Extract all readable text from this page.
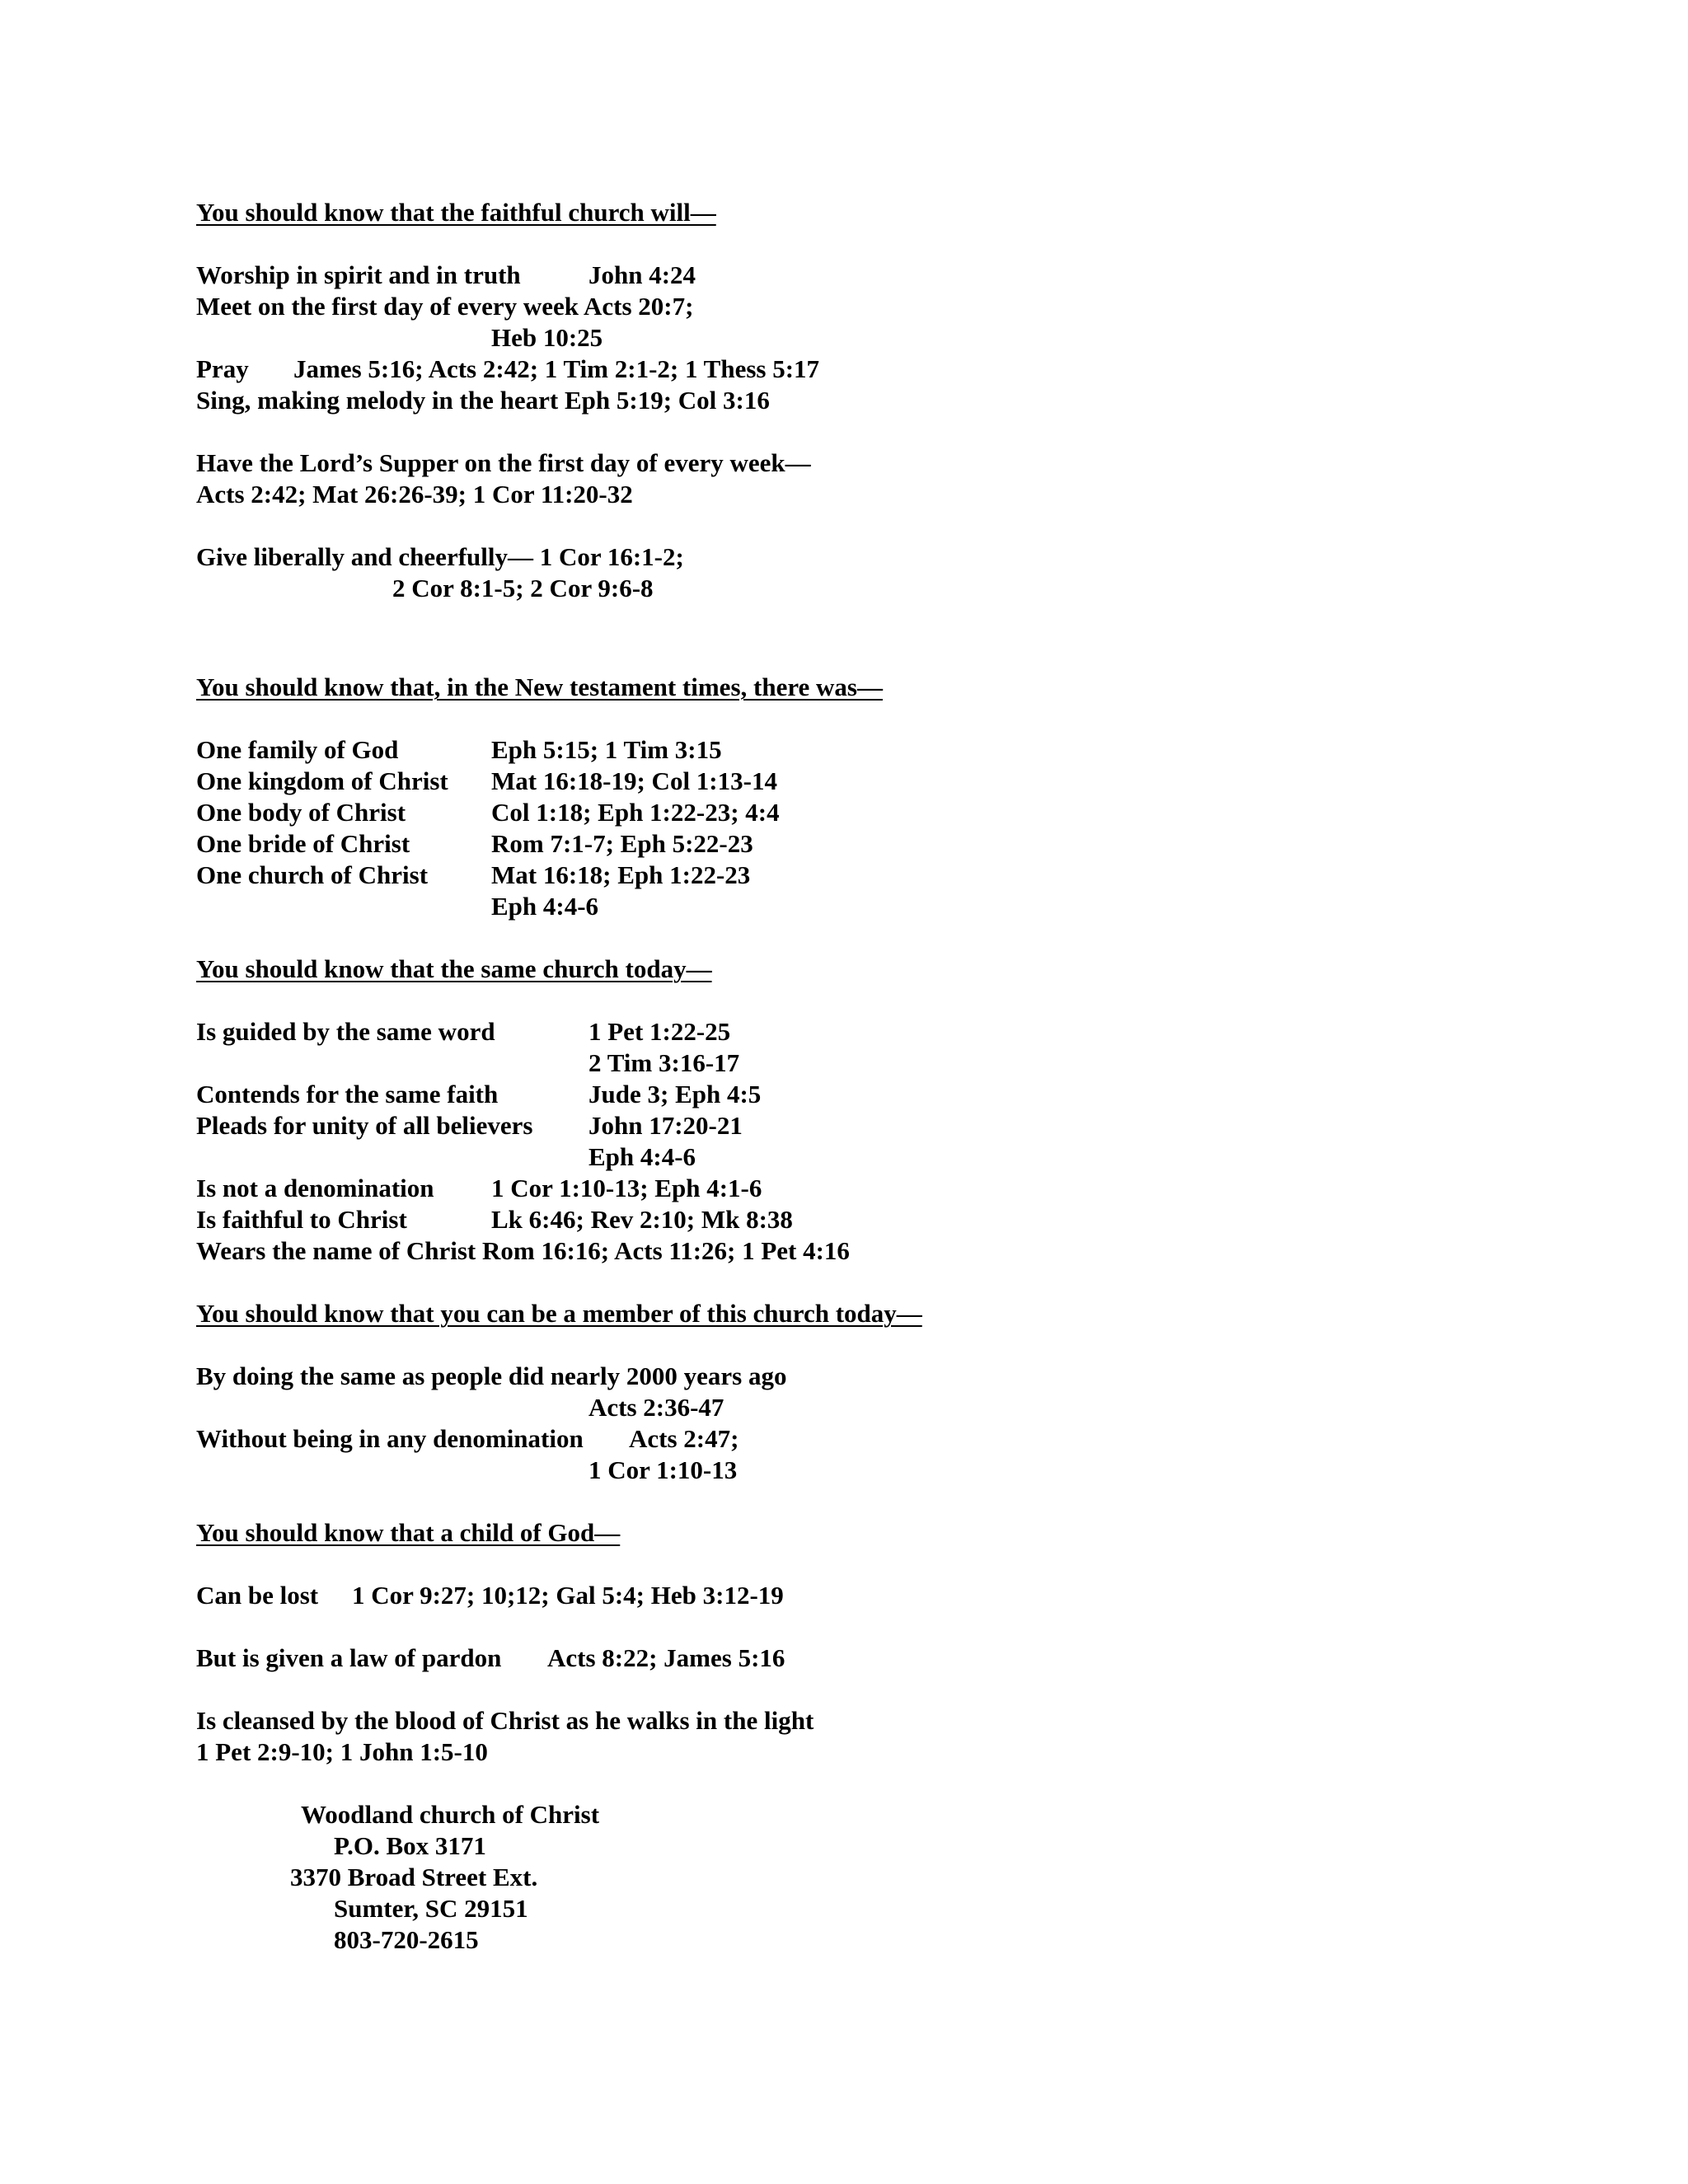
You should know that the faithful church will—
Worship in spirit and in truth	John 4:24
Meet on the first day of every week Acts 20:7;
Heb 10:25
Pray James 5:16; Acts 2:42; 1 Tim 2:1-2; 1 Thess 5:17
Sing, making melody in the heart Eph 5:19; Col 3:16
Have the Lord’s Supper on the first day of every week—
Acts 2:42; Mat 26:26-39; 1 Cor 11:20-32
Give liberally and cheerfully— 1 Cor 16:1-2;
2 Cor 8:1-5; 2 Cor 9:6-8
You should know that, in the New testament times, there was—
One family of God	Eph 5:15; 1 Tim 3:15
One kingdom of Christ Mat 16:18-19; Col 1:13-14
One body of Christ	Col 1:18; Eph 1:22-23; 4:4
One bride of Christ	Rom 7:1-7; Eph 5:22-23
One church of Christ Mat 16:18; Eph 1:22-23
Eph 4:4-6
You should know that the same church today—
Is guided by the same word	1 Pet 1:22-25
2 Tim 3:16-17
Contends for the same faith	Jude 3; Eph 4:5
Pleads for unity of all believers John 17:20-21
Eph 4:4-6
Is not a denomination 1 Cor 1:10-13; Eph 4:1-6
Is faithful to Christ	Lk 6:46; Rev 2:10; Mk 8:38
Wears the name of Christ Rom 16:16; Acts 11:26; 1 Pet 4:16
You should know that you can be a member of this church today—
By doing the same as people did nearly 2000 years ago
Acts 2:36-47
Without being in any denomination Acts 2:47;
1 Cor 1:10-13
You should know that a child of God—
Can be lost 1 Cor 9:27; 10;12; Gal 5:4; Heb 3:12-19
But is given a law of pardon Acts 8:22; James 5:16
Is cleansed by the blood of Christ as he walks in the light
1 Pet 2:9-10; 1 John 1:5-10
Woodland church of Christ
P.O. Box 3171
3370 Broad Street Ext.
Sumter, SC 29151
803-720-2615
